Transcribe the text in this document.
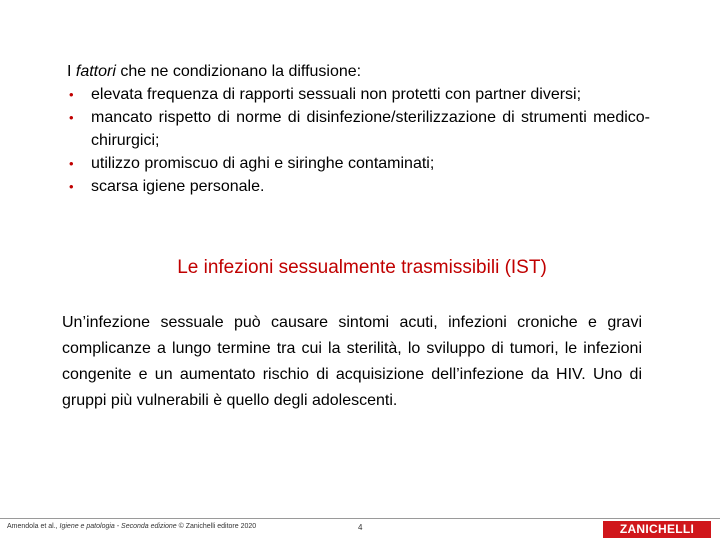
I fattori che ne condizionano la diffusione:
• elevata frequenza di rapporti sessuali non protetti con partner diversi;
• mancato rispetto di norme di disinfezione/sterilizzazione di strumenti medico-chirurgici;
• utilizzo promiscuo di aghi e siringhe contaminati;
• scarsa igiene personale.
Le infezioni sessualmente trasmissibili (IST)

Un’infezione sessuale può causare sintomi acuti, infezioni croniche e gravi complicanze a lungo termine tra cui la sterilità, lo sviluppo di tumori, le infezioni congenite e un aumentato rischio di acquisizione dell’infezione da HIV. Uno di gruppi più vulnerabili è quello degli adolescenti.

Amendola et al., Igiene e patologia - Seconda edizione © Zanichelli editore 2020	4	ZANICHELLI
